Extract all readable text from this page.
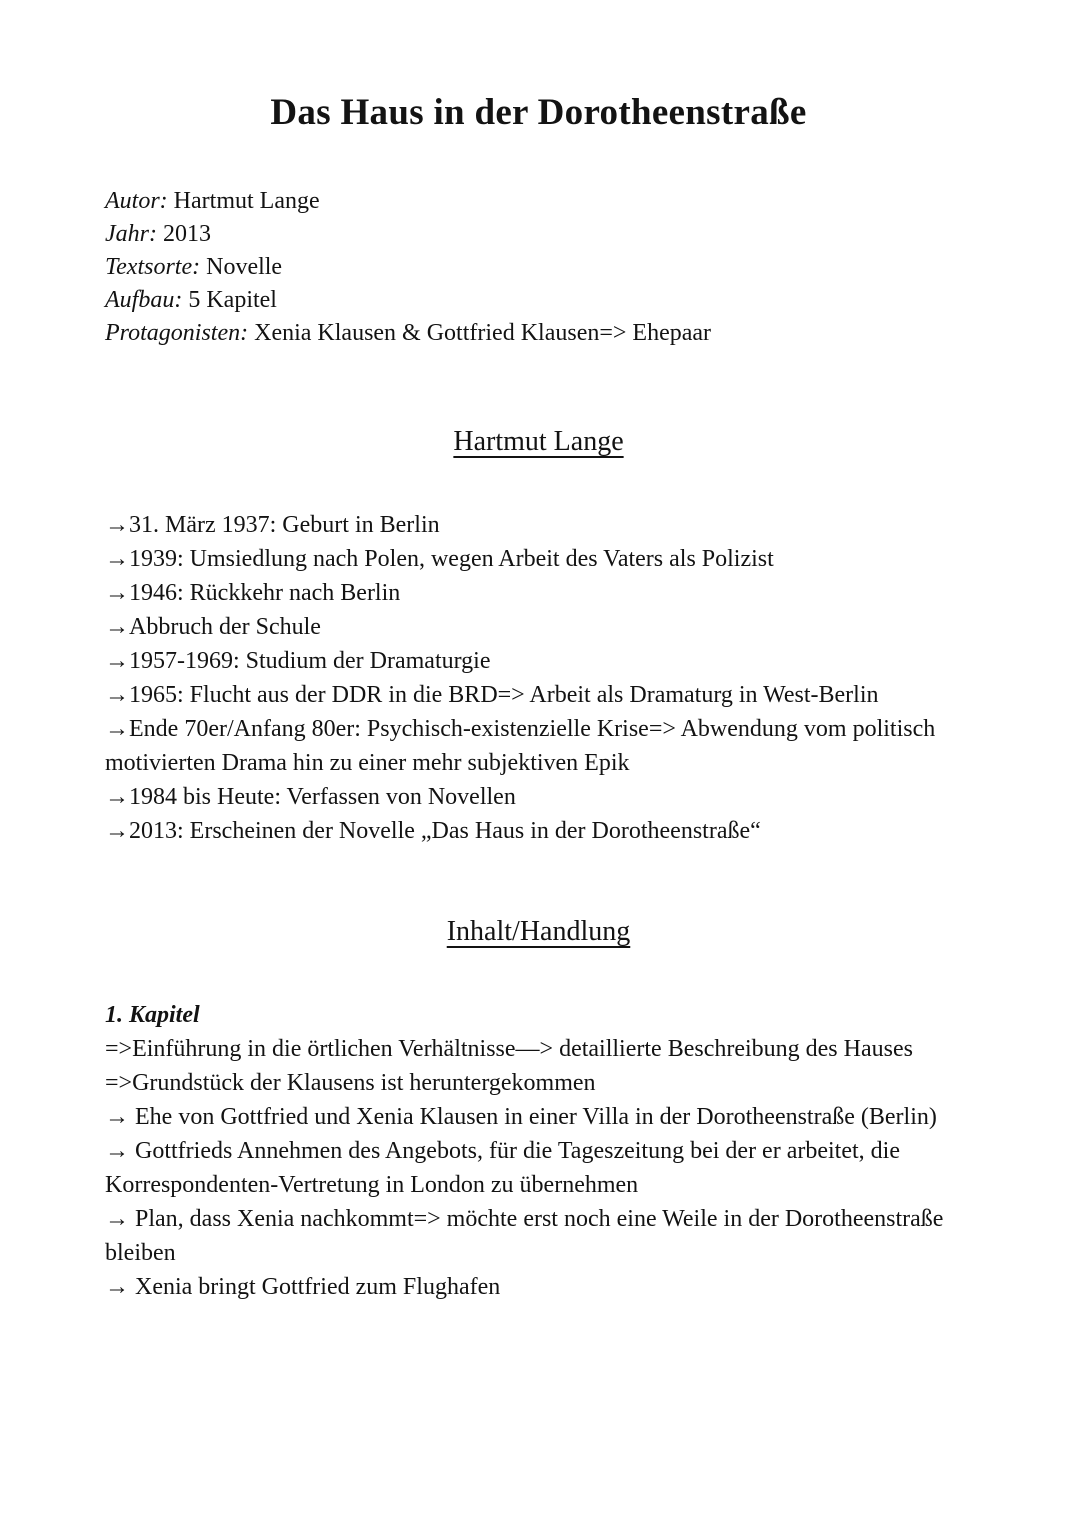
Das Haus in der Dorotheenstraße

Autor: Hartmut Lange

Jahr: 2013

Textsorte: Novelle

Aufbau: 5 Kapitel

Protagonisten: Xenia Klausen & Gottfried Klausen=> Ehepaar

Hartmut Lange

→31. März 1937: Geburt in Berlin

→1939: Umsiedlung nach Polen, wegen Arbeit des Vaters als Polizist

→1946: Rückkehr nach Berlin

→Abbruch der Schule

→1957-1969: Studium der Dramaturgie

→1965: Flucht aus der DDR in die BRD=> Arbeit als Dramaturg in West-Berlin

→Ende 70er/Anfang 80er: Psychisch-existenzielle Krise=> Abwendung vom politisch motivierten Drama hin zu einer mehr subjektiven Epik

→1984 bis Heute: Verfassen von Novellen

→2013: Erscheinen der Novelle „Das Haus in der Dorotheenstraße“

Inhalt/Handlung

1. Kapitel

=>Einführung in die örtlichen Verhältnisse—> detaillierte Beschreibung des Hauses

=>Grundstück der Klausens ist heruntergekommen

→ Ehe von Gottfried und Xenia Klausen in einer Villa in der Dorotheenstraße (Berlin)

→ Gottfrieds Annehmen des Angebots, für die Tageszeitung bei der er arbeitet, die Korrespondenten-Vertretung in London zu übernehmen

→ Plan, dass Xenia nachkommt=> möchte erst noch eine Weile in der Dorotheenstraße bleiben

→ Xenia bringt Gottfried zum Flughafen
